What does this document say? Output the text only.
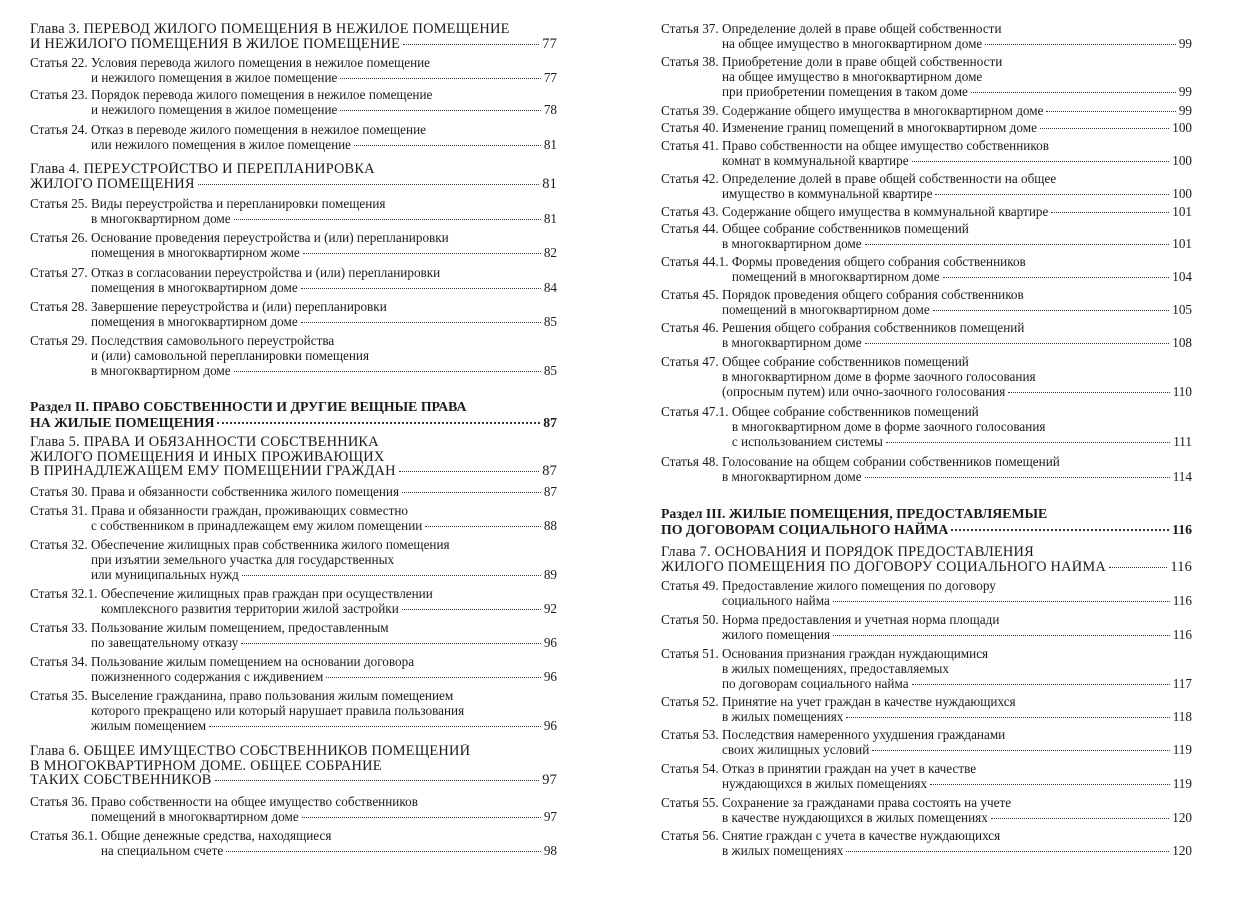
Глава 3. ПЕРЕВОД ЖИЛОГО ПОМЕЩЕНИЯ В НЕЖИЛОЕ ПОМЕЩЕНИЕ
И НЕЖИЛОГО ПОМЕЩЕНИЯ В ЖИЛОЕ ПОМЕЩЕНИЕ	77
Статья 22. Условия перевода жилого помещения в нежилое помещение
и нежилого помещения в жилое помещение	77
Статья 23. Порядок перевода жилого помещения в нежилое помещение
и нежилого помещения в жилое помещение	78
Статья 24. Отказ в переводе жилого помещения в нежилое помещение
или нежилого помещения в жилое помещение	81
Глава 4. ПЕРЕУСТРОЙСТВО И ПЕРЕПЛАНИРОВКА
ЖИЛОГО ПОМЕЩЕНИЯ	81
Статья 25. Виды переустройства и перепланировки помещения
в многоквартирном доме	81
Статья 26. Основание проведения переустройства и (или) перепланировки
помещения в многоквартирном жоме	82
Статья 27. Отказ в согласовании переустройства и (или) перепланировки
помещения в многоквартирном доме	84
Статья 28. Завершение переустройства и (или) перепланировки
помещения в многоквартирном доме	85
Статья 29. Последствия самовольного переустройства
и (или) самовольной перепланировки помещения
в многоквартирном доме	85
Раздел II. ПРАВО СОБСТВЕННОСТИ И ДРУГИЕ ВЕЩНЫЕ ПРАВА
НА ЖИЛЫЕ ПОМЕЩЕНИЯ	87
Глава 5. ПРАВА И ОБЯЗАННОСТИ СОБСТВЕННИКА
ЖИЛОГО ПОМЕЩЕНИЯ И ИНЫХ ПРОЖИВАЮЩИХ
В ПРИНАДЛЕЖАЩЕМ ЕМУ ПОМЕЩЕНИИ ГРАЖДАН	87
Статья 30. Права и обязанности собственника жилого помещения	87
Статья 31. Права и обязанности граждан, проживающих совместно
с собственником в принадлежащем ему жилом помещении	88
Статья 32. Обеспечение жилищных прав собственника жилого помещения
при изъятии земельного участка для государственных
или муниципальных нужд	89
Статья 32.1. Обеспечение жилищных прав граждан при осуществлении
комплексного развития территории жилой застройки	92
Статья 33. Пользование жилым помещением, предоставленным
по завещательному отказу	96
Статья 34. Пользование жилым помещением на основании договора
пожизненного содержания с иждивением	96
Статья 35. Выселение гражданина, право пользования жилым помещением
которого прекращено или который нарушает правила пользования
жилым помещением	96
Глава 6. ОБЩЕЕ ИМУЩЕСТВО СОБСТВЕННИКОВ ПОМЕЩЕНИЙ
В МНОГОКВАРТИРНОМ ДОМЕ. ОБЩЕЕ СОБРАНИЕ
ТАКИХ СОБСТВЕННИКОВ	97
Статья 36. Право собственности на общее имущество собственников
помещений в многоквартирном доме	97
Статья 36.1. Общие денежные средства, находящиеся
на специальном счете	98
Статья 37. Определение долей в праве общей собственности
на общее имущество в многоквартирном доме	99
Статья 38. Приобретение доли в праве общей собственности
на общее имущество в многоквартирном доме
при приобретении помещения в таком доме	99
Статья 39. Содержание общего имущества в многоквартирном доме	99
Статья 40. Изменение границ помещений в многоквартирном доме	100
Статья 41. Право собственности на общее имущество собственников
комнат в коммунальной квартире	100
Статья 42. Определение долей в праве общей собственности на общее
имущество в коммунальной квартире	100
Статья 43. Содержание общего имущества в коммунальной квартире	101
Статья 44. Общее собрание собственников помещений
в многоквартирном доме	101
Статья 44.1. Формы проведения общего собрания собственников
помещений в многоквартирном доме	104
Статья 45. Порядок проведения общего собрания собственников
помещений в многоквартирном доме	105
Статья 46. Решения общего собрания собственников помещений
в многоквартирном доме	108
Статья 47. Общее собрание собственников помещений
в многоквартирном доме в форме заочного голосования
(опросным путем) или очно-заочного голосования	110
Статья 47.1. Общее собрание собственников помещений
в многоквартирном доме в форме заочного голосования
с использованием системы	111
Статья 48. Голосование на общем собрании собственников помещений
в многоквартирном доме	114
Раздел III. ЖИЛЫЕ ПОМЕЩЕНИЯ, ПРЕДОСТАВЛЯЕМЫЕ
ПО ДОГОВОРАМ СОЦИАЛЬНОГО НАЙМА	116
Глава 7. ОСНОВАНИЯ И ПОРЯДОК ПРЕДОСТАВЛЕНИЯ
ЖИЛОГО ПОМЕЩЕНИЯ ПО ДОГОВОРУ СОЦИАЛЬНОГО НАЙМА	116
Статья 49. Предоставление жилого помещения по договору
социального найма	116
Статья 50. Норма предоставления и учетная норма площади
жилого помещения	116
Статья 51. Основания признания граждан нуждающимися
в жилых помещениях, предоставляемых
по договорам социального найма	117
Статья 52. Принятие на учет граждан в качестве нуждающихся
в жилых помещениях	118
Статья 53. Последствия намеренного ухудшения гражданами
своих жилищных условий	119
Статья 54. Отказ в принятии граждан на учет в качестве
нуждающихся в жилых помещениях	119
Статья 55. Сохранение за гражданами права состоять на учете
в качестве нуждающихся в жилых помещениях	120
Статья 56. Снятие граждан с учета в качестве нуждающихся
в жилых помещениях	120
